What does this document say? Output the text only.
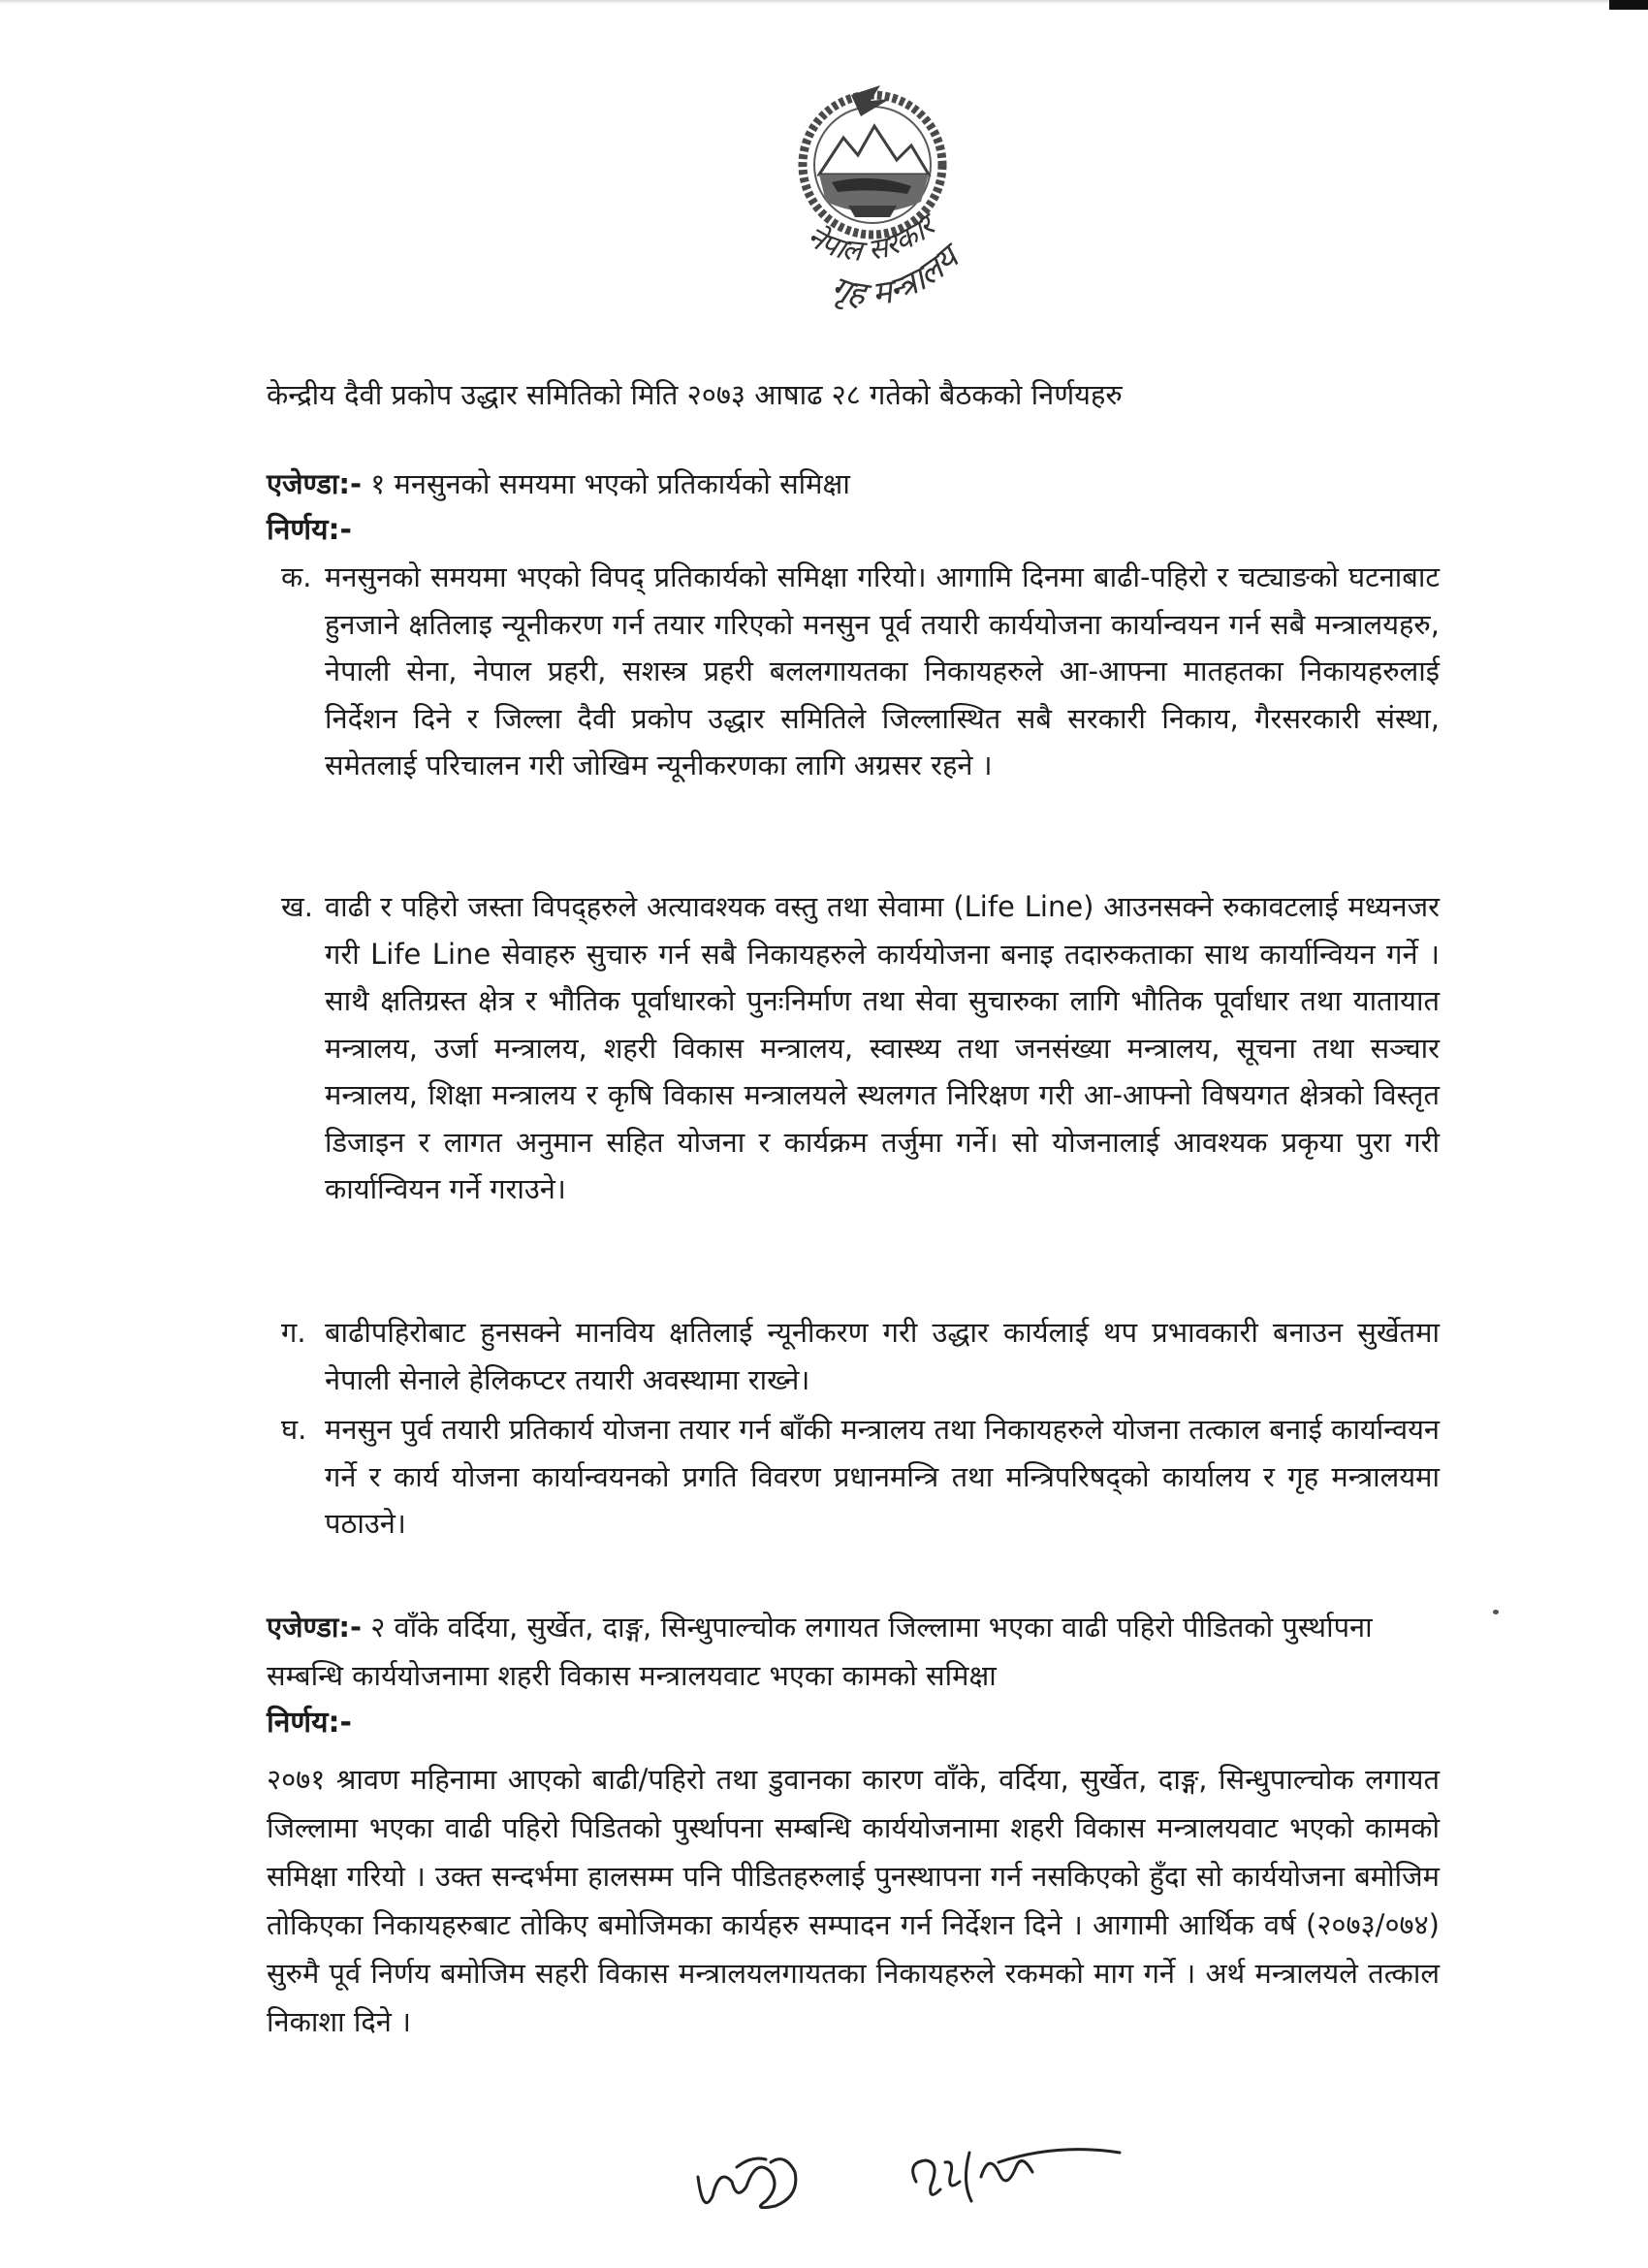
नेपाल सरकार
गृह मन्त्रालय
केन्द्रीय दैवी प्रकोप उद्धार समितिको मिति २०७३ आषाढ २८ गतेको बैठकको निर्णयहरु
एजेण्डा:- १ मनसुनको समयमा भएको प्रतिकार्यको समिक्षा
निर्णय:-
क. मनसुनको समयमा भएको विपद् प्रतिकार्यको समिक्षा गरियो। आगामि दिनमा बाढी-पहिरो र चट्याङको घटनाबाट हुनजाने क्षतिलाइ न्यूनीकरण गर्न तयार गरिएको मनसुन पूर्व तयारी कार्ययोजना कार्यान्वयन गर्न सबै मन्त्रालयहरु, नेपाली सेना, नेपाल प्रहरी, सशस्त्र प्रहरी बललगायतका निकायहरुले आ-आफ्ना मातहतका निकायहरुलाई निर्देशन दिने र जिल्ला दैवी प्रकोप उद्धार समितिले जिल्लास्थित सबै सरकारी निकाय, गैरसरकारी संस्था, समेतलाई परिचालन गरी जोखिम न्यूनीकरणका लागि अग्रसर रहने ।
ख. वाढी र पहिरो जस्ता विपद्हरुले अत्यावश्यक वस्तु तथा सेवामा (Life Line) आउनसक्ने रुकावटलाई मध्यनजर गरी Life Line सेवाहरु सुचारु गर्न सबै निकायहरुले कार्ययोजना बनाइ तदारुकताका साथ कार्यान्वियन गर्ने । साथै क्षतिग्रस्त क्षेत्र र भौतिक पूर्वाधारको पुनःनिर्माण तथा सेवा सुचारुका लागि भौतिक पूर्वाधार तथा यातायात मन्त्रालय, उर्जा मन्त्रालय, शहरी विकास मन्त्रालय, स्वास्थ्य तथा जनसंख्या मन्त्रालय, सूचना तथा सञ्चार मन्त्रालय, शिक्षा मन्त्रालय र कृषि विकास मन्त्रालयले स्थलगत निरिक्षण गरी आ-आफ्नो विषयगत क्षेत्रको विस्तृत डिजाइन र लागत अनुमान सहित योजना र कार्यक्रम तर्जुमा गर्ने। सो योजनालाई आवश्यक प्रकृया पुरा गरी कार्यान्वियन गर्ने गराउने।
ग. बाढीपहिरोबाट हुनसक्ने मानविय क्षतिलाई न्यूनीकरण गरी उद्धार कार्यलाई थप प्रभावकारी बनाउन सुर्खेतमा नेपाली सेनाले हेलिकप्टर तयारी अवस्थामा राख्ने।
घ. मनसुन पुर्व तयारी प्रतिकार्य योजना तयार गर्न बाँकी मन्त्रालय तथा निकायहरुले योजना तत्काल बनाई कार्यान्वयन गर्ने र कार्य योजना कार्यान्वयनको प्रगति विवरण प्रधानमन्त्रि तथा मन्त्रिपरिषद्को कार्यालय र गृह मन्त्रालयमा पठाउने।
एजेण्डा:- २ वाँके वर्दिया, सुर्खेत, दाङ्ग, सिन्धुपाल्चोक लगायत जिल्लामा भएका वाढी पहिरो पीडितको पुर्स्थापना सम्बन्धि कार्ययोजनामा शहरी विकास मन्त्रालयवाट भएका कामको समिक्षा
निर्णय:-
२०७१ श्रावण महिनामा आएको बाढी/पहिरो तथा डुवानका कारण वाँके, वर्दिया, सुर्खेत, दाङ्ग, सिन्धुपाल्चोक लगायत जिल्लामा भएका वाढी पहिरो पिडितको पुर्स्थापना सम्बन्धि कार्ययोजनामा शहरी विकास मन्त्रालयवाट भएको कामको समिक्षा गरियो । उक्त सन्दर्भमा हालसम्म पनि पीडितहरुलाई पुनस्थापना गर्न नसकिएको हुँदा सो कार्ययोजना बमोजिम तोकिएका निकायहरुबाट तोकिए बमोजिमका कार्यहरु सम्पादन गर्न निर्देशन दिने । आगामी आर्थिक वर्ष (२०७३/०७४) सुरुमै पूर्व निर्णय बमोजिम सहरी विकास मन्त्रालयलगायतका निकायहरुले रकमको माग गर्ने । अर्थ मन्त्रालयले तत्काल निकाशा दिने ।
